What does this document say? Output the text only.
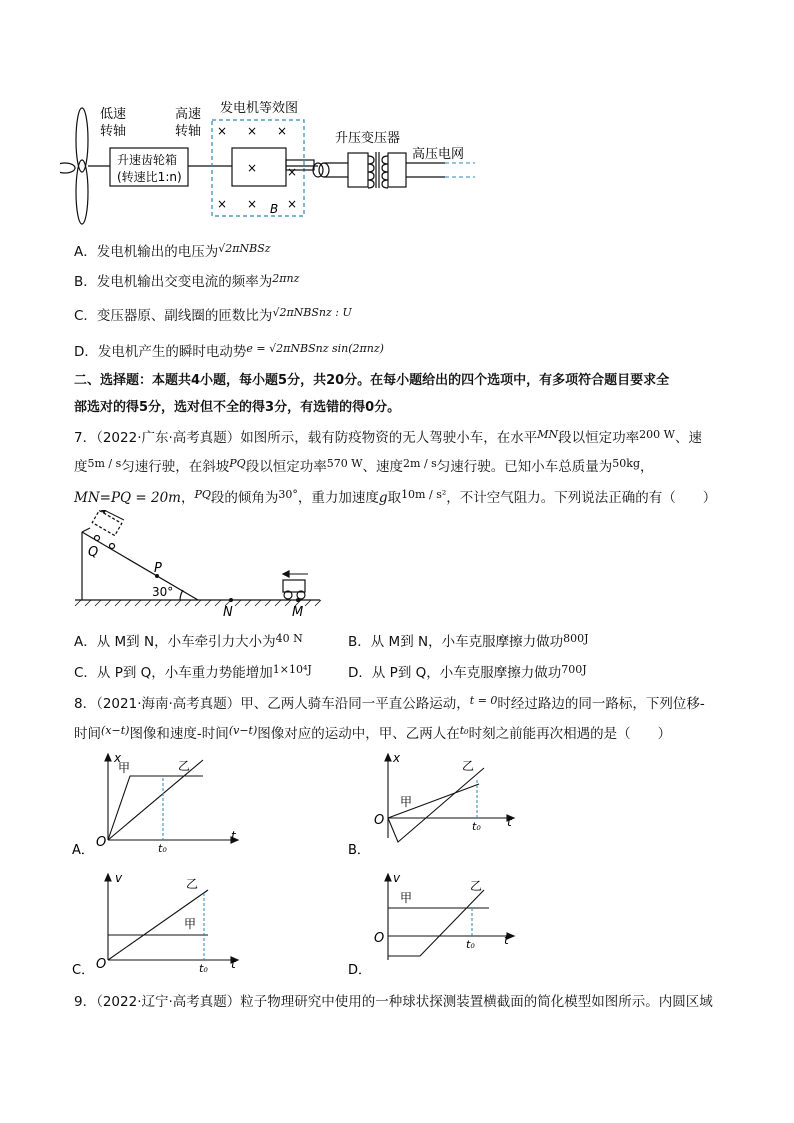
低速
转轴
高速
转轴
升速齿轮箱
(转速比1:n)
发电机等效图
升压变压器
高压电网
B
× × ×
×
×
× × ×
A．发电机输出的电压为$^{√2\pi NBSz}$
B．发电机输出交变电流的频率为$^{2\pi nz}$
C．变压器原、副线圈的匝数比为$^{√2\pi NBSnz : U}$
D．发电机产生的瞬时电动势$^{e = √2\pi NBSnz sin(2\pi nz)}$
二、选择题：本题共4小题，每小题5分，共20分。在每小题给出的四个选项中，有多项符合题目要求全
部选对的得5分，选对但不全的得3分，有选错的得0分。
7．（2022·广东·高考真题）如图所示，载有防疫物资的无人驾驶小车，在水平$^{MN}$段以恒定功率$^{200 W}$、速
度$^{5m / s}$匀速行驶，在斜坡$^{PQ}$段以恒定功率$^{570 W}$、速度$^{2m / s}$匀速行驶。已知小车总质量为$^{50kg}$，
MN=PQ = 20m，$^{PQ}$段的倾角为$^{30^\circ}$，重力加速度g取$^{10m / s^2}$，不计空气阻力。下列说法正确的有（　　）
Q
P
30°
N	M
A．从 M到 N，小车牵引力大小为$^{40 N}$	B．从 M到 N，小车克服摩擦力做功$^{800J}$
C．从 P到 Q，小车重力势能增加$^{1\times 10^4J}$	D．从 P到 Q，小车克服摩擦力做功$^{700J}$
8．（2021·海南·高考真题）甲、乙两人骑车沿同一平直公路运动，$^{t = 0}$时经过路边的同一路标，下列位移-
时间$^{(x-t)}$图像和速度-时间$^{(v-t)}$图像对应的运动中，甲、乙两人在$^{t_0}$时刻之前能再次相遇的是（　　）
x
t
O	t₀
甲	乙
A．
x
t
O	t₀
甲
乙
B．
v
t
O	t₀
甲
乙
C．
v
t
O	t₀
甲
乙
D．
9．（2022·辽宁·高考真题）粒子物理研究中使用的一种球状探测装置横截面的简化模型如图所示。内圆区域
